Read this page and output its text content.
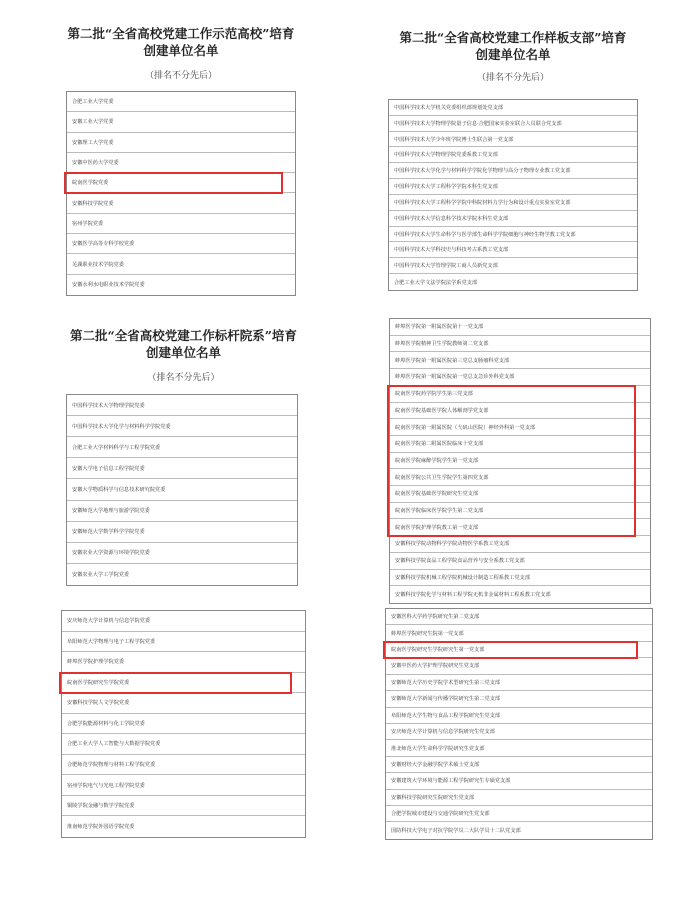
第二批“全省高校党建工作示范高校”培育
创建单位名单
（排名不分先后）
合肥工业大学党委
安徽工业大学党委
安徽理工大学党委
安徽中医药大学党委
皖南医学院党委
安徽科技学院党委
宿州学院党委
安徽医学高等专科学校党委
芜湖职业技术学院党委
安徽水利水电职业技术学院党委
第二批“全省高校党建工作样板支部”培育
创建单位名单
（排名不分先后）
中国科学技术大学机关党委组织部规划处党支部
中国科学技术大学物理学院量子信息·合肥国家实验室联合人员联合党支部
中国科学技术大学少年班学院博士生联合第一党支部
中国科学技术大学物理学院党委系教工党支部
中国科学技术大学化学与材料科学学院化学物理与高分子物理专业教工党支部
中国科学技术大学工程科学学院本科生党支部
中国科学技术大学工程科学学院中科院材料力学行为和设计重点实验室党支部
中国科学技术大学信息科学技术学院本科生党支部
中国科学技术大学生命科学与医学部生命科学学院细胞与神经生物学教工党支部
中国科学技术大学科技史与科技考古系教工党支部
中国科学技术大学管理学院工商人员新党支部
合肥工业大学文法学院法学系党支部
第二批“全省高校党建工作标杆院系”培育
创建单位名单
（排名不分先后）
中国科学技术大学物理学院党委
中国科学技术大学化学与材料科学学院党委
合肥工业大学材料科学与工程学院党委
安徽大学电子信息工程学院党委
安徽大学物质科学与信息技术研究院党委
安徽师范大学地理与旅游学院党委
安徽师范大学数学科学学院党委
安徽农业大学资源与环境学院党委
安徽农业大学工学院党委
蚌埠医学院第一附属医院第十一党支部
蚌埠医学院精神卫生学院教师第二党支部
蚌埠医学院第一附属医院第三党总支肠瘤科党支部
蚌埠医学院第一附属医院第一党总支急诊外科党支部
皖南医学院药学院学生第三党支部
皖南医学院基础医学院人体解剖学党支部
皖南医学院第一附属医院（弋矶山医院）神经外科第一党支部
皖南医学院第二附属医院临床十党支部
皖南医学院麻醉学院学生第一党支部
皖南医学院公共卫生学院学生第四党支部
皖南医学院基础医学院研究生党支部
皖南医学院临床医学院学生第二党支部
皖南医学院护理学院教工第一党支部
安徽科技学院动物科学学院动物医学系教工党支部
安徽科技学院食品工程学院食品营养与安全系教工党支部
安徽科技学院机械工程学院机械设计制造工程系教工党支部
安徽科技学院化学与材料工程学院无机非金属材料工程系教工党支部
安庆师范大学计算机与信息学院党委
阜阳师范大学物理与电子工程学院党委
蚌埠医学院护理学院党委
皖南医学院研究生学院党委
安徽科技学院人文学院党委
合肥学院能源材料与化工学院党委
合肥工业大学人工智能与大数据学院党委
合肥师范学院物理与材料工程学院党委
宿州学院电气与光电工程学院党委
铜陵学院金融与数学学院党委
淮南师范学院外国语学院党委
安徽医科大学药学院研究生第二党支部
蚌埠医学院研究生院第一党支部
皖南医学院研究生学院研究生第一党支部
安徽中医药大学护理学院研究生党支部
安徽师范大学历史学院学术型研究生第三党支部
安徽师范大学新闻与传播学院研究生第二党支部
阜阳师范大学生物与食品工程学院研究生党支部
安庆师范大学计算机与信息学院研究生党支部
淮北师范大学生命科学学院研究生党支部
安徽财经大学金融学院学术硕士党支部
安徽建筑大学环境与能源工程学院研究生专硕党支部
安徽科技学院研究生院研究生党支部
合肥学院城市建设与交通学院研究生党支部
国防科技大学电子对抗学院学员二大队学员十二队党支部
